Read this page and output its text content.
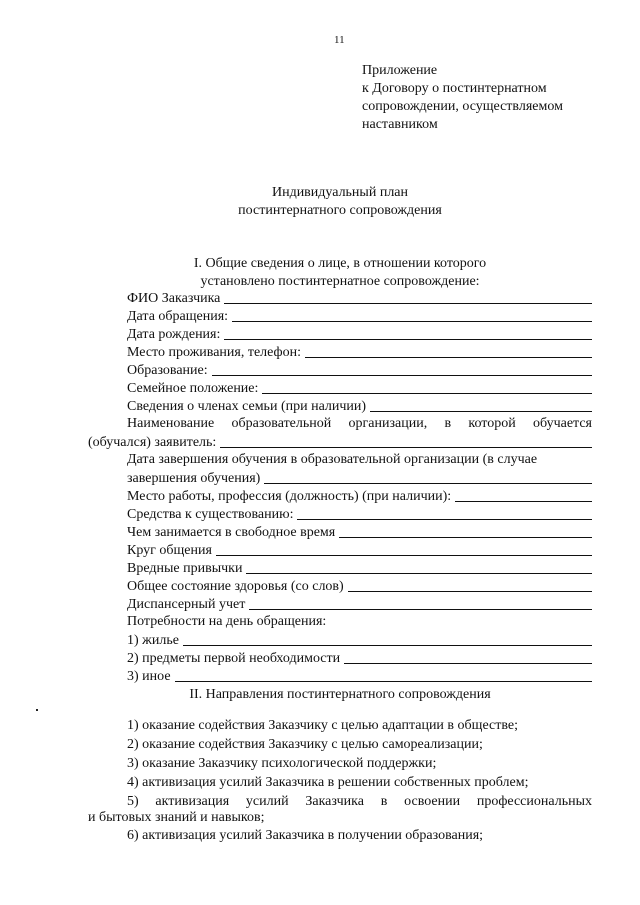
11
Приложение
к Договору о постинтернатном
сопровождении, осуществляемом
наставником
Индивидуальный план
постинтернатного сопровождения
I. Общие сведения о лице, в отношении которого
установлено постинтернатное сопровождение:
ФИО Заказчика
Дата обращения:
Дата рождения:
Место проживания, телефон:
Образование:
Семейное положение:
Сведения о членах семьи (при наличии)
Наименование образовательной организации, в которой обучается
(обучался) заявитель:
Дата завершения обучения в образовательной организации (в случае
завершения обучения)
Место работы, профессия (должность) (при наличии):
Средства к существованию:
Чем занимается в свободное время
Круг общения
Вредные привычки
Общее состояние здоровья (со слов)
Диспансерный учет
Потребности на день обращения:
1) жилье
2) предметы первой необходимости
3) иное
II. Направления постинтернатного сопровождения
1) оказание содействия Заказчику с целью адаптации в обществе;
2) оказание содействия Заказчику с целью самореализации;
3) оказание Заказчику психологической поддержки;
4) активизация усилий Заказчика в решении собственных проблем;
5) активизация усилий Заказчика в освоении профессиональных
и бытовых знаний и навыков;
6) активизация усилий Заказчика в получении образования;
